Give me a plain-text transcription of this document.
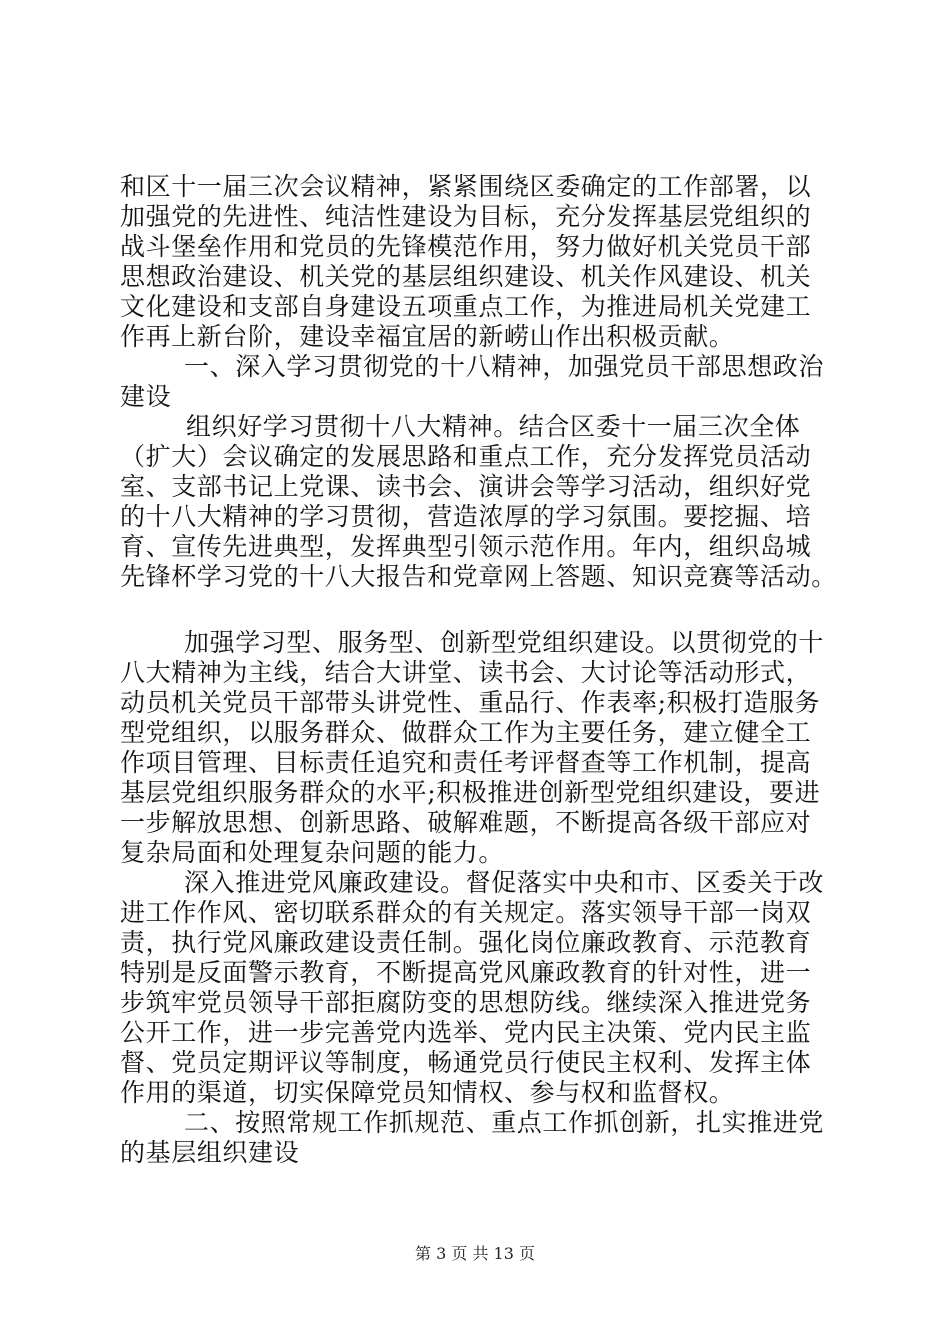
和区十一届三次会议精神，紧紧围绕区委确定的工作部署，以
加强党的先进性、纯洁性建设为目标，充分发挥基层党组织的
战斗堡垒作用和党员的先锋模范作用，努力做好机关党员干部
思想政治建设、机关党的基层组织建设、机关作风建设、机关
文化建设和支部自身建设五项重点工作，为推进局机关党建工
作再上新台阶，建设幸福宜居的新崂山作出积极贡献。
一、深入学习贯彻党的十八精神，加强党员干部思想政治
建设
组织好学习贯彻十八大精神。结合区委十一届三次全体
（扩大）会议确定的发展思路和重点工作，充分发挥党员活动
室、支部书记上党课、读书会、演讲会等学习活动，组织好党
的十八大精神的学习贯彻，营造浓厚的学习氛围。要挖掘、培
育、宣传先进典型，发挥典型引领示范作用。年内，组织岛城
先锋杯学习党的十八大报告和党章网上答题、知识竞赛等活动。
加强学习型、服务型、创新型党组织建设。以贯彻党的十
八大精神为主线，结合大讲堂、读书会、大讨论等活动形式，
动员机关党员干部带头讲党性、重品行、作表率;积极打造服务
型党组织，以服务群众、做群众工作为主要任务，建立健全工
作项目管理、目标责任追究和责任考评督查等工作机制，提高
基层党组织服务群众的水平;积极推进创新型党组织建设，要进
一步解放思想、创新思路、破解难题，不断提高各级干部应对
复杂局面和处理复杂问题的能力。
深入推进党风廉政建设。督促落实中央和市、区委关于改
进工作作风、密切联系群众的有关规定。落实领导干部一岗双
责，执行党风廉政建设责任制。强化岗位廉政教育、示范教育
特别是反面警示教育，不断提高党风廉政教育的针对性，进一
步筑牢党员领导干部拒腐防变的思想防线。继续深入推进党务
公开工作，进一步完善党内选举、党内民主决策、党内民主监
督、党员定期评议等制度，畅通党员行使民主权利、发挥主体
作用的渠道，切实保障党员知情权、参与权和监督权。
二、按照常规工作抓规范、重点工作抓创新，扎实推进党
的基层组织建设
第 3 页 共 13 页
